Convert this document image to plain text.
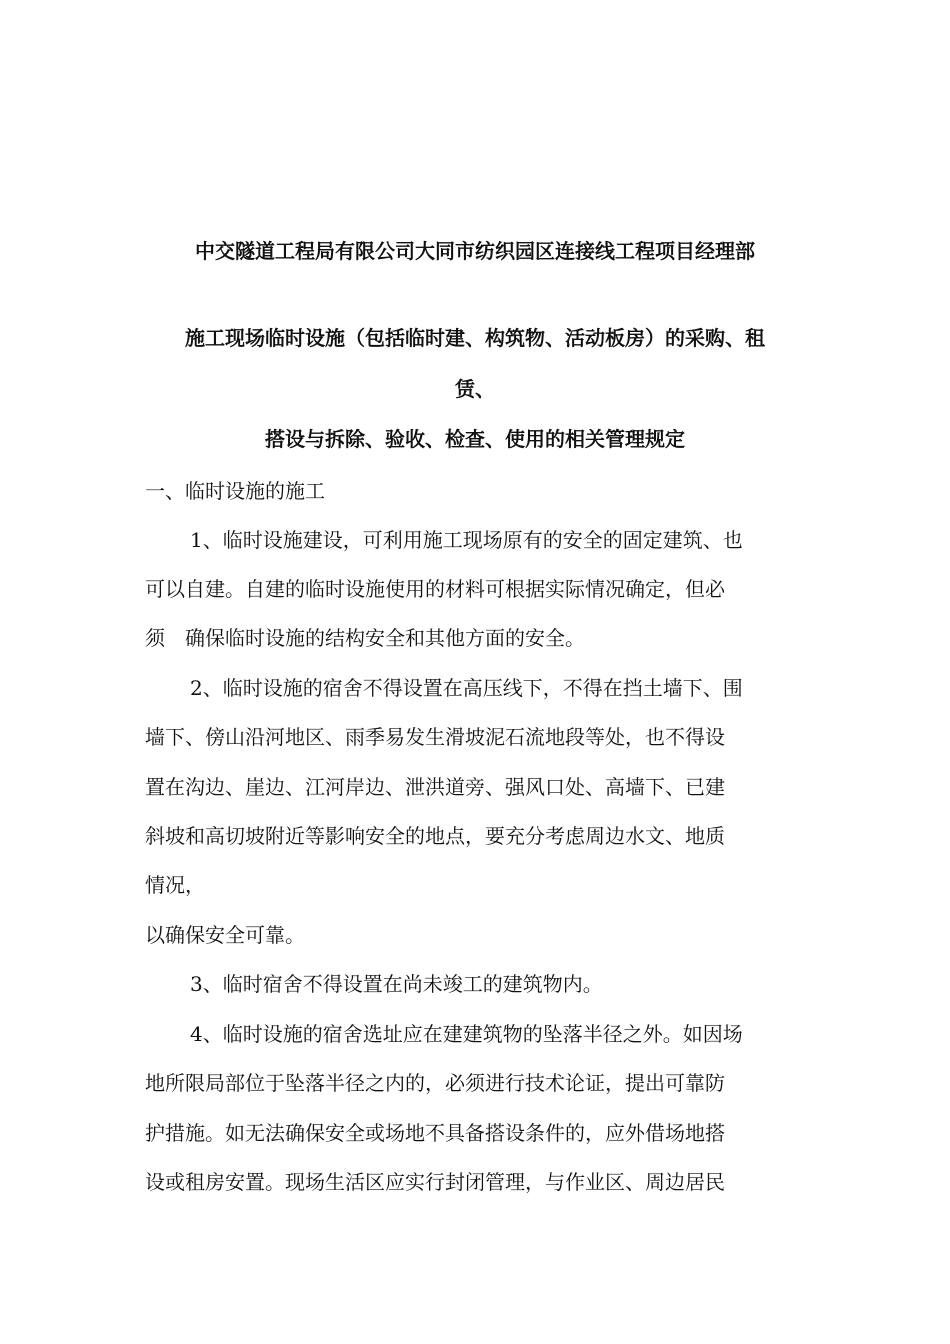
中交隧道工程局有限公司大同市纺织园区连接线工程项目经理部
施工现场临时设施（包括临时建、构筑物、活动板房）的采购、租
赁、
搭设与拆除、验收、检查、使用的相关管理规定
一、临时设施的施工
1、临时设施建设，可利用施工现场原有的安全的固定建筑、也
可以自建。自建的临时设施使用的材料可根据实际情况确定，但必
须　确保临时设施的结构安全和其他方面的安全。
2、临时设施的宿舍不得设置在高压线下，不得在挡土墙下、围
墙下、傍山沿河地区、雨季易发生滑坡泥石流地段等处，也不得设
置在沟边、崖边、江河岸边、泄洪道旁、强风口处、高墙下、已建
斜坡和高切坡附近等影响安全的地点，要充分考虑周边水文、地质
情况，
以确保安全可靠。
3、临时宿舍不得设置在尚未竣工的建筑物内。
4、临时设施的宿舍选址应在建建筑物的坠落半径之外。如因场
地所限局部位于坠落半径之内的，必须进行技术论证，提出可靠防
护措施。如无法确保安全或场地不具备搭设条件的，应外借场地搭
设或租房安置。现场生活区应实行封闭管理，与作业区、周边居民
